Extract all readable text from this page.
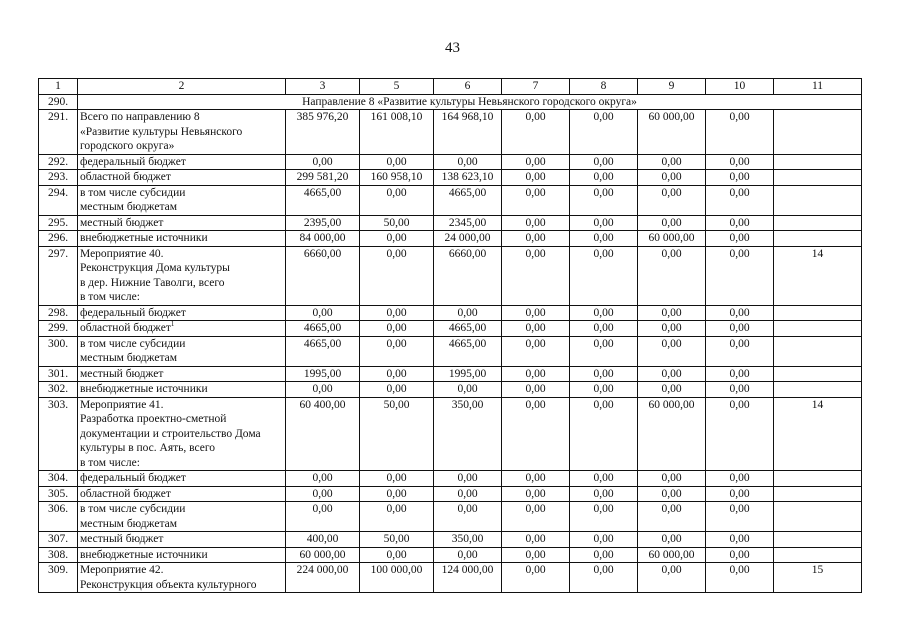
43
1	2	3	5	6	7	8	9	10	11
290.	Направление 8 «Развитие культуры Невьянского городского округа»								
291.	Всего по направлению 8
«Развитие культуры Невьянского
городского округа»	385 976,20	161 008,10	164 968,10	0,00	0,00	60 000,00	0,00	
292.	федеральный бюджет	0,00	0,00	0,00	0,00	0,00	0,00	0,00	
293.	областной бюджет	299 581,20	160 958,10	138 623,10	0,00	0,00	0,00	0,00	
294.	в том числе субсидии
местным бюджетам	4665,00	0,00	4665,00	0,00	0,00	0,00	0,00	
295.	местный бюджет	2395,00	50,00	2345,00	0,00	0,00	0,00	0,00	
296.	внебюджетные источники	84 000,00	0,00	24 000,00	0,00	0,00	60 000,00	0,00	
297.	Мероприятие 40.
Реконструкция Дома культуры
в дер. Нижние Таволги, всего
в том числе:	6660,00	0,00	6660,00	0,00	0,00	0,00	0,00	14
298.	федеральный бюджет	0,00	0,00	0,00	0,00	0,00	0,00	0,00	
299.	областной бюджет$^1$	4665,00	0,00	4665,00	0,00	0,00	0,00	0,00	
300.	в том числе субсидии
местным бюджетам	4665,00	0,00	4665,00	0,00	0,00	0,00	0,00	
301.	местный бюджет	1995,00	0,00	1995,00	0,00	0,00	0,00	0,00	
302.	внебюджетные источники	0,00	0,00	0,00	0,00	0,00	0,00	0,00	
303.	Мероприятие 41.
Разработка проектно-сметной
документации и строительство Дома
культуры в пос. Аять, всего
в том числе:	60 400,00	50,00	350,00	0,00	0,00	60 000,00	0,00	14
304.	федеральный бюджет	0,00	0,00	0,00	0,00	0,00	0,00	0,00	
305.	областной бюджет	0,00	0,00	0,00	0,00	0,00	0,00	0,00	
306.	в том числе субсидии
местным бюджетам	0,00	0,00	0,00	0,00	0,00	0,00	0,00	
307.	местный бюджет	400,00	50,00	350,00	0,00	0,00	0,00	0,00	
308.	внебюджетные источники	60 000,00	0,00	0,00	0,00	0,00	60 000,00	0,00	
309.	Мероприятие 42.
Реконструкция объекта культурного	224 000,00	100 000,00	124 000,00	0,00	0,00	0,00	0,00	15
